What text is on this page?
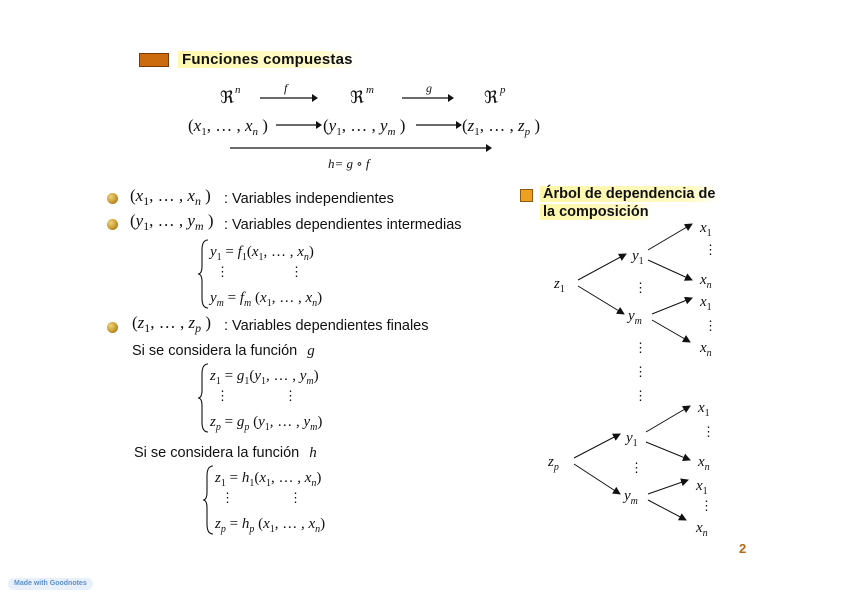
Funciones compuestas
ℜ n	f	ℜ m	g	ℜ p
($x_1$, … , $x_n$ )	($y_1$, … , $y_m$ )	($z_1$, … , $z_p$ )
h= g ∘ f
($x_1$, … , $x_n$ ) : Variables independientes
($y_1$, … , $y_m$ ) : Variables dependientes intermedias
$y_1 = f_1(x_1$, … , $x_n$)
⋮	⋮
$y_m = f_m$ ($x_1$, … , $x_n$)
($z_1$, … , $z_p$ ) : Variables dependientes finales
Si se considera la función g
$z_1 = g_1(y_1$, … , $y_m$)
⋮	⋮
$z_p = g_p$ ($y_1$, … , $y_m$)
Si se considera la función h
$z_1 = h_1(x_1$, … , $x_n$)
⋮	⋮
$z_p = h_p$ ($x_1$, … , $x_n$)
Árbol de dependencia de
la composición
$z_1$
$y_1$
$x_1$
⋮
$x_n$
⋮
$y_m$
$x_1$
⋮
$x_n$
⋮
⋮
⋮
$z_p$
$y_1$
$x_1$
⋮
$x_n$
⋮
$y_m$
$x_1$
⋮
$x_n$
2
Made with Goodnotes
